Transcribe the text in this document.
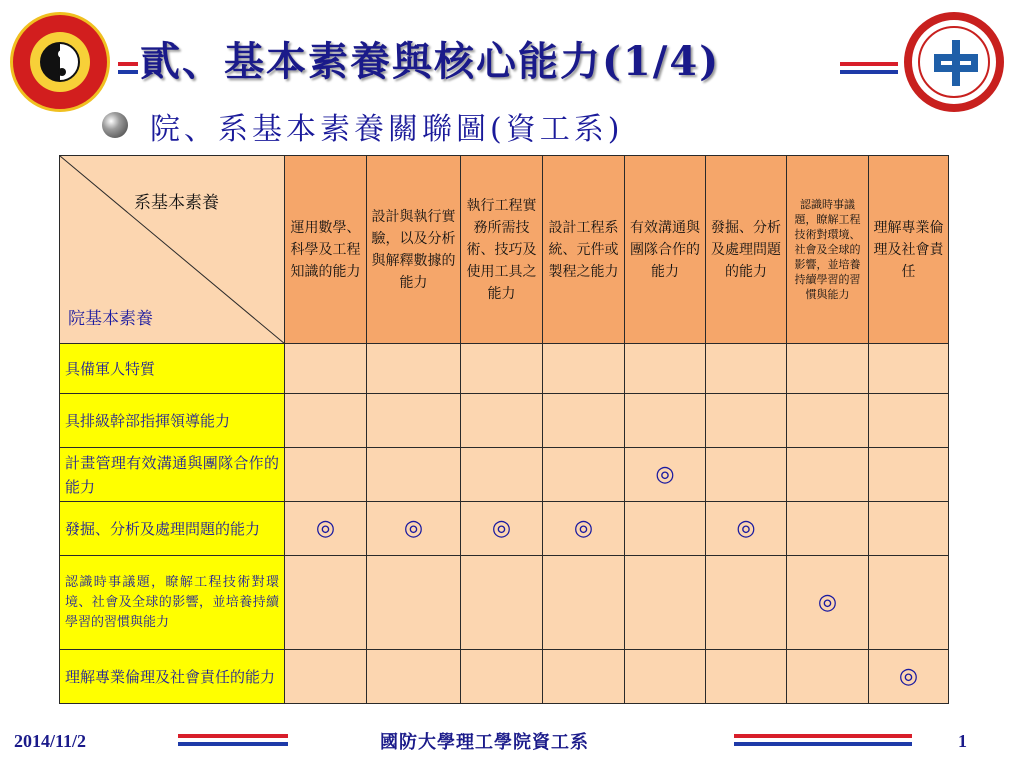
貳、基本素養與核心能力(1/4)
院、系基本素養關聯圖(資工系)
系基本素養
院基本素養	運用數學、科學及工程知識的能力	設計與執行實驗，以及分析與解釋數據的能力	執行工程實務所需技術、技巧及使用工具之能力	設計工程系統、元件或製程之能力	有效溝通與團隊合作的能力	發掘、分析及處理問題的能力	認識時事議題，瞭解工程技術對環境、社會及全球的影響，並培養持續學習的習慣與能力	理解專業倫理及社會責任
具備軍人特質								
具排級幹部指揮領導能力								
計畫管理有效溝通與團隊合作的能力					◎			
發掘、分析及處理問題的能力	◎	◎	◎	◎		◎		
認識時事議題，瞭解工程技術對環境、社會及全球的影響，並培養持續學習的習慣與能力							◎	
理解專業倫理及社會責任的能力								◎
2014/11/2	國防大學理工學院資工系	1
